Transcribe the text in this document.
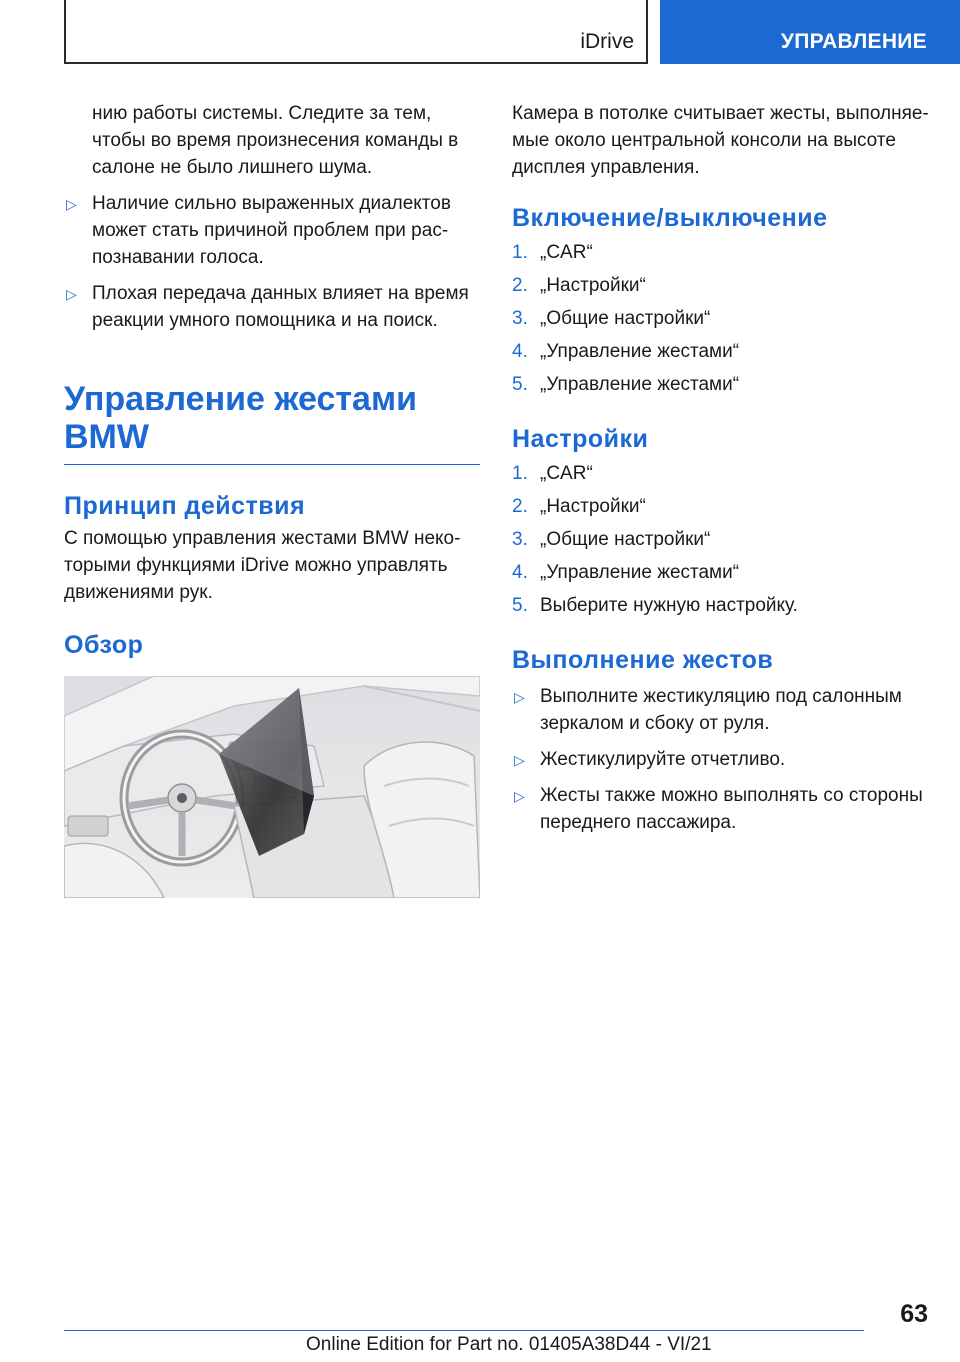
iDrive	УПРАВЛЕНИЕ

нию работы системы. Следите за тем, чтобы во время произнесения команды в салоне не было лишнего шума.

▷ Наличие сильно выраженных диалектов может стать причиной проблем при распознавании голоса.
▷ Плохая передача данных влияет на время реакции умного помощника и на поиск.
Управление жестами
BMW
Принцип действия

С помощью управления жестами BMW некоторыми функциями iDrive можно управлять движениями рук.

Обзор

Камера в потолке считывает жесты, выполняемые около центральной консоли на высоте дисплея управления.

Включение/выключение
1. „CAR“
2. „Настройки“
3. „Общие настройки“
4. „Управление жестами“
5. „Управление жестами“
Настройки
1. „CAR“
2. „Настройки“
3. „Общие настройки“
4. „Управление жестами“
5. Выберите нужную настройку.
Выполнение жестов
▷ Выполните жестикуляцию под салонным зеркалом и сбоку от руля.
▷ Жестикулируйте отчетливо.
▷ Жесты также можно выполнять со стороны переднего пассажира.
63
Online Edition for Part no. 01405A38D44 - VI/21
